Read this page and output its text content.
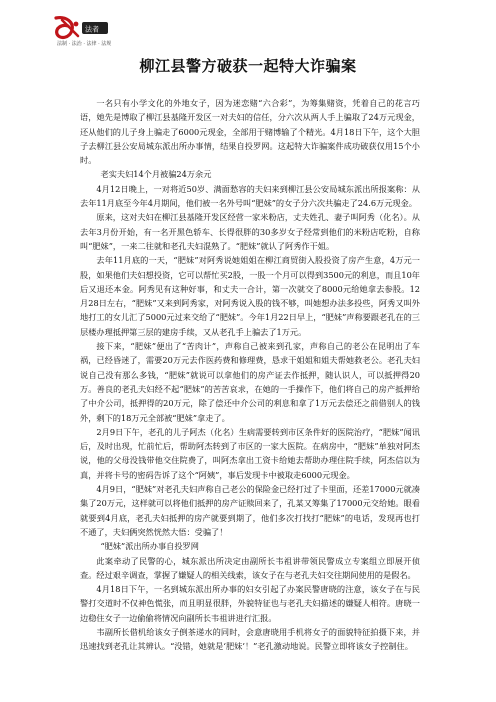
法制 · 法治 · 法律 · 法规
法者
柳江县警方破获一起特大诈骗案

一名只有小学文化的外地女子，因为迷恋赌“六合彩”，为筹集赌资，凭着自己的花言巧语，她先是博取了柳江县基隆开发区一对夫妇的信任，分六次从两人手上骗取了24万元现金，还从他们的儿子身上骗走了6000元现金，全部用于赌博输了个精光。4月18日下午，这个大胆子去柳江县公安局城东派出所办事情，结果自投罗网。这起特大诈骗案件成功破获仅用15个小时。

老实夫妇14个月被骗24万余元

4月12日晚上，一对将近50岁、满面愁容的夫妇来到柳江县公安局城东派出所报案称：从去年11月底至今年4月期间，他们被一名外号叫“肥妹”的女子分六次共骗走了24.6万元现金。

原来，这对夫妇在柳江县基隆开发区经营一家米粉店，丈夫姓孔、妻子叫阿秀（化名）。从去年3月份开始，有一名开黑色轿车、长得很胖的30多岁女子经常到他们的米粉店吃粉，自称叫“肥妹”，一来二往就和老孔夫妇混熟了。“肥妹”就认了阿秀作干姐。

去年11月底的一天，“肥妹”对阿秀说她姐姐在柳江商贸街入股投资了房产生意，4万元一股，如果他们夫妇想投资，它可以帮忙买2股，一股一个月可以得到3500元的利息，而且10年后又退还本金。阿秀见有这种好事，和丈夫一合计，第一次就交了8000元给她拿去参股。12月28日左右，“肥妹”又来到阿秀家，对阿秀说入股的钱不够，叫她想办法多投些，阿秀又叫外地打工的女儿汇了5000元过来交给了“肥妹”。今年1月22日早上，“肥妹”声称要跟老孔在的三层楼办理抵押第三层的建房手续，又从老孔手上骗去了1万元。

接下来，“肥妹”便出了“苦肉计”，声称自己被来到孔家，声称自己的老公在昆明出了车祸，已经昏迷了，需要20万元去作医药费和修理费，恳求干姐姐和姐夫帮她救老公。老孔夫妇说自己没有那么多钱，“肥妹”就说可以拿他们的房产证去作抵押，随认识人，可以抵押得20万。善良的老孔夫妇经不起“肥妹”的苦苦哀求，在她的一手操作下，他们将自己的房产抵押给了中介公司，抵押得的20万元，除了偿还中介公司的利息和拿了1万元去偿还之前借别人的钱外，剩下的18万元全部被“肥妹”拿走了。

2月9日下午，老孔的儿子阿杰（化名）生病需要转到市区条件好的医院治疗，“肥妹”闻讯后，及时出现，忙前忙后，帮助阿杰转到了市区的一家大医院。在病房中，“肥妹”单独对阿杰说，他的父母没钱带他交住院费了，叫阿杰拿出工资卡给她去帮助办理住院手续，阿杰信以为真，并将卡号的密码告诉了这个“阿姨”，事后发现卡中被取走6000元现金。

4月9日，“肥妹”对老孔夫妇声称自己老公的保险金已经打过了卡里面，还差17000元就凑集了20万元，这样就可以将他们抵押的房产证赎回来了，孔某又筹集了17000元交给她。眼看就要到4月底，老孔夫妇抵押的房产就要到期了，他们多次打找打“肥妹”的电话，发现再也打不通了，夫妇俩突然恍然大悟：受骗了！

“肥妹”派出所办事自投罗网

此案牵动了民警的心，城东派出所决定由副所长韦祖讲带领民警成立专案组立即展开侦查。经过艰辛调查，掌握了嫌疑人的相关线索，该女子在与老孔夫妇交往期间使用的是假名。

4月18日下午，一名到城东派出所办事的妇女引起了办案民警唐晓的注意，该女子在与民警打交道时不仅神色慌张，而且明显很胖，外貌特征也与老孔夫妇描述的嫌疑人相符。唐晓一边稳住女子一边偷偷将情况向副所长韦祖讲进行汇报。

韦副所长借机给该女子倒茶递水的同时，会意唐晓用手机将女子的面貌特征拍摄下来，并迅速找到老孔让其辨认。“没错，她就是‘肥妹’！”老孔激动地说。民警立即将该女子控制住。
